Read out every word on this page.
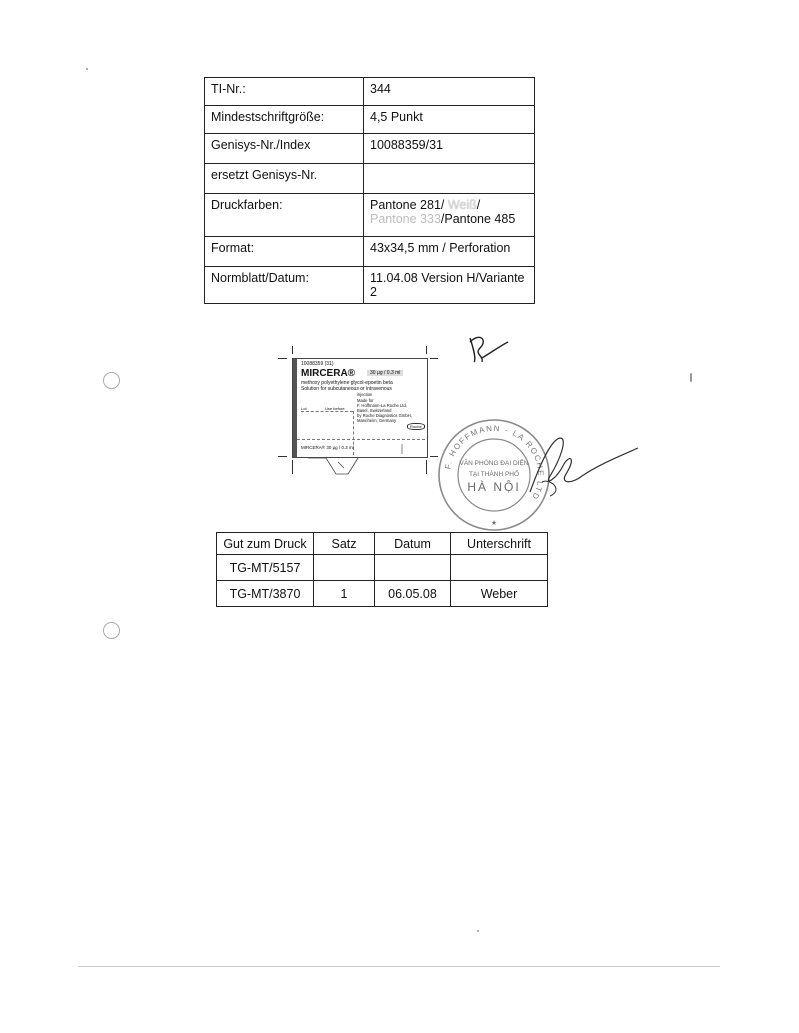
TI-Nr.:	344
Mindestschriftgröße:	4,5 Punkt
Genisys-Nr./Index	10088359/31
ersetzt Genisys-Nr.	
Druckfarben:	Pantone 281/ Weiß/
Pantone 333/Pantone 485
Format:	43x34,5 mm / Perforation
Normblatt/Datum:	11.04.08 Version H/Variante 2
10088359 (31)
MIRCERA®	30 µg / 0.3 ml
methoxy polyethylene glycol-epoetin beta
Solution for subcutaneous or intravenous
injection
Made for
F. Hoffmann-La Roche Ltd,
Basel, Switzerland
by Roche Diagnostics GmbH,
Mannheim, Germany
Lot	Use before
Roche
MIRCERA® 30 µg / 0.3 ml
F. HOFFMANN - LA ROCHE LTD
VĂN PHÒNG ĐẠI DIỆN
TẠI THÀNH PHỐ
HÀ NỘI
★
Gut zum Druck	Satz	Datum	Unterschrift
TG-MT/5157			
TG-MT/3870	1	06.05.08	Weber
